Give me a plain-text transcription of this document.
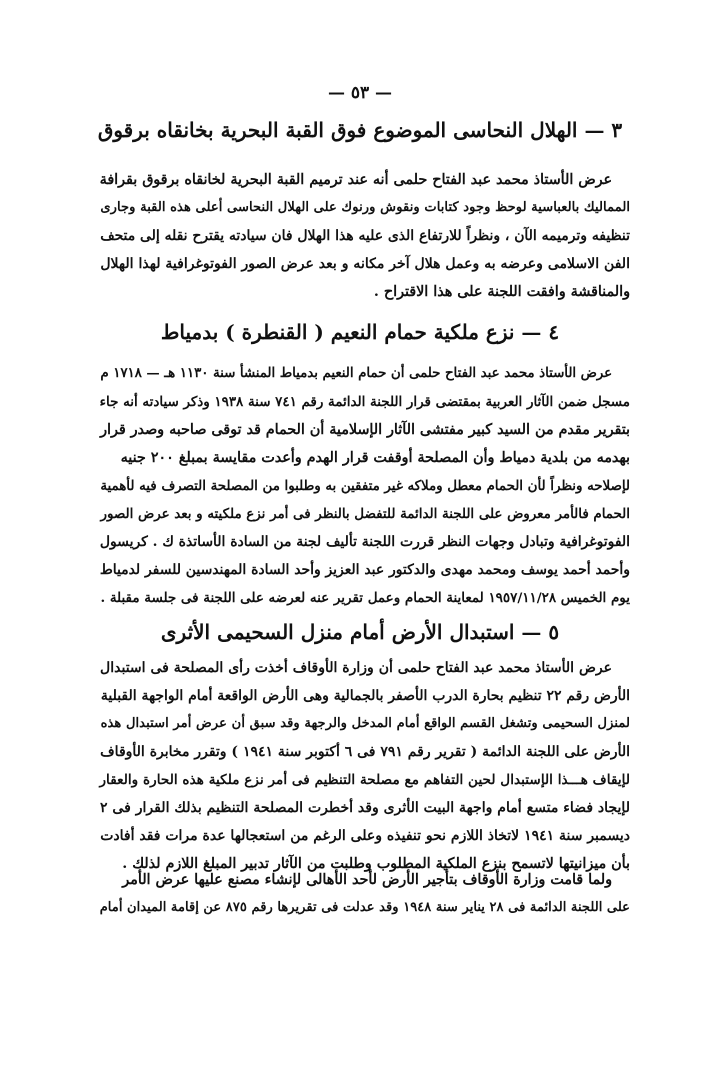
— ٥٣ —
٣ — الهلال النحاسى الموضوع فوق القبة البحرية بخانقاه برقوق
عرض الأستاذ محمد عبد الفتاح حلمى أنه عند ترميم القبة البحرية لخانقاه برقوق بقرافة
المماليك بالعباسية لوحظ وجود كتابات ونقوش ورنوك على الهلال النحاسى أعلى هذه القبة وجارى
تنظيفه وترميمه الآن ، ونظراً للارتفاع الذى عليه هذا الهلال فان سيادته يقترح نقله إلى متحف
الفن الاسلامى وعرضه به وعمل هلال آخر مكانه و بعد عرض الصور الفوتوغرافية لهذا الهلال
والمناقشة وافقت اللجنة على هذا الاقتراح .
٤ — نزع ملكية حمام النعيم ( القنطرة ) بدمياط
عرض الأستاذ محمد عبد الفتاح حلمى أن حمام النعيم بدمياط المنشأ سنة ١١٣٠ هـ — ١٧١٨ م
مسجل ضمن الآثار العربية بمقتضى قرار اللجنة الدائمة رقم ٧٤١ سنة ١٩٣٨ وذكر سيادته أنه جاء
بتقرير مقدم من السيد كبير مفتشى الآثار الإسلامية أن الحمام قد توقى صاحبه وصدر قرار
بهدمه من بلدية دمياط وأن المصلحة أوقفت قرار الهدم وأعدت مقايسة بمبلغ ٢٠٠ جنيه
لإصلاحه ونظراً لأن الحمام معطل وملاكه غير متفقين به وطلبوا من المصلحة التصرف فيه لأهمية
الحمام فالأمر معروض على اللجنة الدائمة للتفضل بالنظر فى أمر نزع ملكيته و بعد عرض الصور
الفوتوغرافية وتبادل وجهات النظر قررت اللجنة تأليف لجنة من السادة الأساتذة ك . كريسول
وأحمد أحمد يوسف ومحمد مهدى والدكتور عبد العزيز وأحد السادة المهندسين للسفر لدمياط
يوم الخميس ١٩٥٧/١١/٢٨ لمعاينة الحمام وعمل تقرير عنه لعرضه على اللجنة فى جلسة مقبلة .
٥ — استبدال الأرض أمام منزل السحيمى الأثرى
عرض الأستاذ محمد عبد الفتاح حلمى أن وزارة الأوقاف أخذت رأى المصلحة فى استبدال
الأرض رقم ٢٢ تنظيم بحارة الدرب الأصفر بالجمالية وهى الأرض الواقعة أمام الواجهة القبلية
لمنزل السحيمى وتشغل القسم الواقع أمام المدخل والرجهة وقد سبق أن عرض أمر استبدال هذه
الأرض على اللجنة الدائمة ( تقرير رقم ٧٩١ فى ٦ أكتوبر سنة ١٩٤١ ) وتقرر مخابرة الأوقاف
لإيقاف هـــذا الإستبدال لحين التفاهم مع مصلحة التنظيم فى أمر نزع ملكية هذه الحارة والعقار
لإيجاد فضاء متسع أمام واجهة البيت الأثرى وقد أخطرت المصلحة التنظيم بذلك القرار فى ٢
ديسمبر سنة ١٩٤١ لاتخاذ اللازم نحو تنفيذه وعلى الرغم من استعجالها عدة مرات فقد أفادت
بأن ميزانيتها لاتسمح بنزع الملكية المطلوب وطلبت من الآثار تدبير المبلغ اللازم لذلك .
ولما قامت وزارة الأوقاف بتأجير الأرض لأحد الأهالى لإنشاء مصنع عليها عرض الأمر
على اللجنة الدائمة فى ٢٨ يناير سنة ١٩٤٨ وقد عدلت فى تقريرها رقم ٨٧٥ عن إقامة الميدان أمام
